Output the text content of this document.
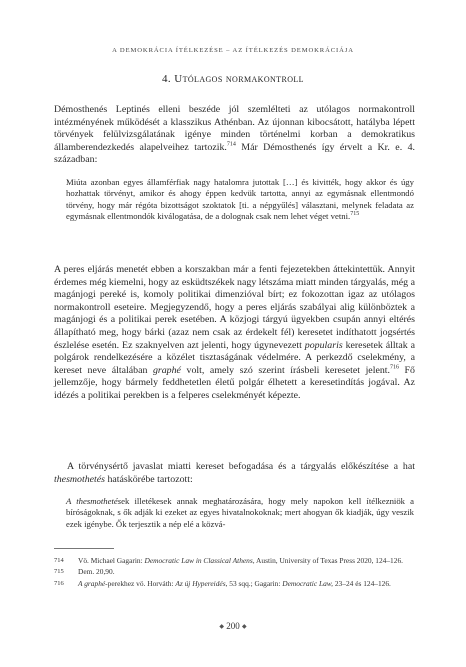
A DEMOKRÁCIA ÍTÉLKEZÉSE – AZ ÍTÉLKEZÉS DEMOKRÁCIÁJA
4. Utólagos normakontroll

Démosthenés Leptinés elleni beszéde jól szemlélteti az utólagos normakontroll intézményének működését a klasszikus Athénban. Az újonnan kibocsátott, hatályba lépett törvények felülvizsgálatának igénye minden történelmi korban a demokratikus államberendezkedés alapelveihez tartozik.$^{714}$ Már Démosthenés így érvelt a Kr. e. 4. században:

Miúta azonban egyes államférfiak nagy hatalomra jutottak […] és kivitték, hogy akkor és úgy hozhattak törvényt, amikor és ahogy éppen kedvük tartotta, annyi az egymásnak ellentmondó törvény, hogy már régóta bizottságot szoktatok [ti. a népgyűlés] választani, melynek feladata az egymásnak ellentmondók kiválogatása, de a dolognak csak nem lehet véget vetni.$^{715}$

A peres eljárás menetét ebben a korszakban már a fenti fejezetekben áttekintettük. Annyit érdemes még kiemelni, hogy az esküdtszékek nagy létszáma miatt minden tárgyalás, még a magánjogi pereké is, komoly politikai dimenzióval bírt; ez fokozottan igaz az utólagos normakontroll eseteire. Megjegyzendő, hogy a peres eljárás szabályai alig különböztek a magánjogi és a politikai perek esetében. A közjogi tárgyú ügyekben csupán annyi eltérés állapítható meg, hogy bárki (azaz nem csak az érdekelt fél) keresetet indíthatott jogsértés észlelése esetén. Ez szaknyelven azt jelenti, hogy úgynevezett popularis keresetek álltak a polgárok rendelkezésére a közélet tisztaságának védelmére. A perkezdő cselekmény, a kereset neve általában graphé volt, amely szó szerint írásbeli keresetet jelent.$^{716}$ Fő jellemzője, hogy bármely feddhetetlen életű polgár élhetett a keresetindítás jogával. Az idézés a politikai perekben is a felperes cselekményét képezte.

A törvénysértő javaslat miatti kereset befogadása és a tárgyalás előkészítése a hat thesmothetés hatáskörébe tartozott:

A thesmothetések illetékesek annak meghatározására, hogy mely napokon kell ítélkezniök a bíróságoknak, s ők adják ki ezeket az egyes hivatalnokoknak; mert ahogyan ők kiadják, úgy veszik ezek igénybe. Ők terjesztik a nép elé a közvá-
714	Vö. Michael Gagarin: Democratic Law in Classical Athens, Austin, University of Texas Press 2020, 124–126.
715	Dem. 20,90.
716	A graphé-perekhez vö. Horváth: Az új Hypereidés, 53 sqq.; Gagarin: Democratic Law, 23–24 és 124–126.
◆ 200 ◆
